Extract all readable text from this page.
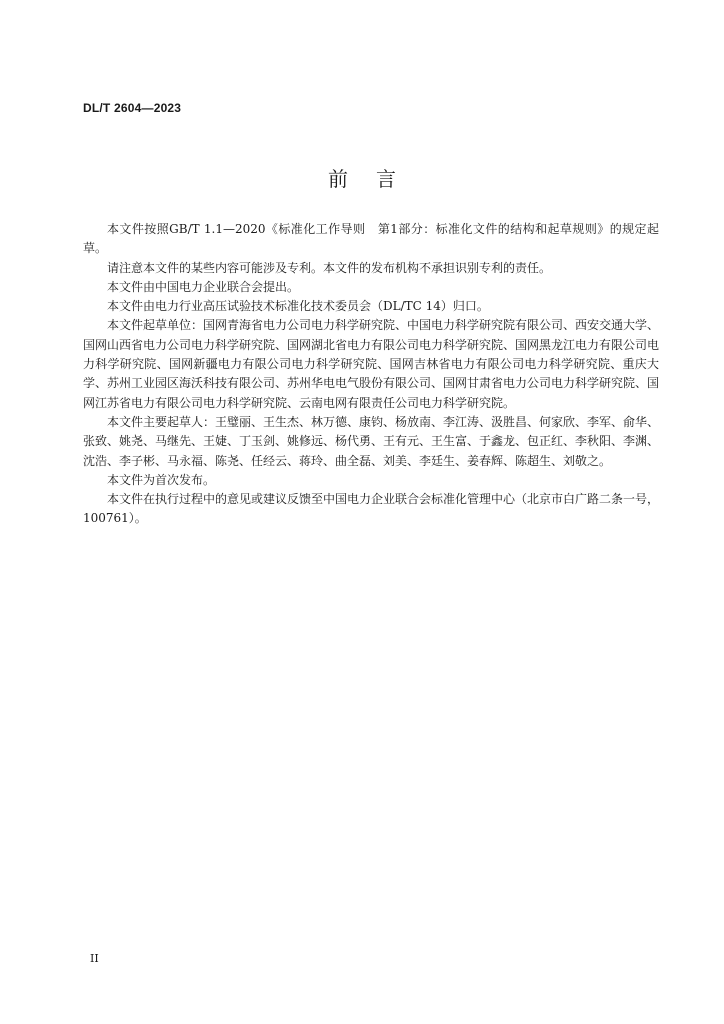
DL/T 2604—2023
前言

本文件按照GB/T 1.1—2020《标准化工作导则　第1部分：标准化文件的结构和起草规则》的规定起草。

请注意本文件的某些内容可能涉及专利。本文件的发布机构不承担识别专利的责任。

本文件由中国电力企业联合会提出。

本文件由电力行业高压试验技术标准化技术委员会（DL/TC 14）归口。

本文件起草单位：国网青海省电力公司电力科学研究院、中国电力科学研究院有限公司、西安交通大学、国网山西省电力公司电力科学研究院、国网湖北省电力有限公司电力科学研究院、国网黑龙江电力有限公司电力科学研究院、国网新疆电力有限公司电力科学研究院、国网吉林省电力有限公司电力科学研究院、重庆大学、苏州工业园区海沃科技有限公司、苏州华电电气股份有限公司、国网甘肃省电力公司电力科学研究院、国网江苏省电力有限公司电力科学研究院、云南电网有限责任公司电力科学研究院。

本文件主要起草人：王璧丽、王生杰、林万德、康钧、杨放南、李江涛、汲胜昌、何家欣、李军、俞华、张致、姚尧、马继先、王婕、丁玉剑、姚修远、杨代勇、王有元、王生富、于鑫龙、包正红、李秋阳、李渊、沈浩、李子彬、马永福、陈尧、任经云、蒋玲、曲全磊、刘美、李廷生、姜春辉、陈超生、刘敬之。

本文件为首次发布。

本文件在执行过程中的意见或建议反馈至中国电力企业联合会标准化管理中心（北京市白广路二条一号，100761）。

II
